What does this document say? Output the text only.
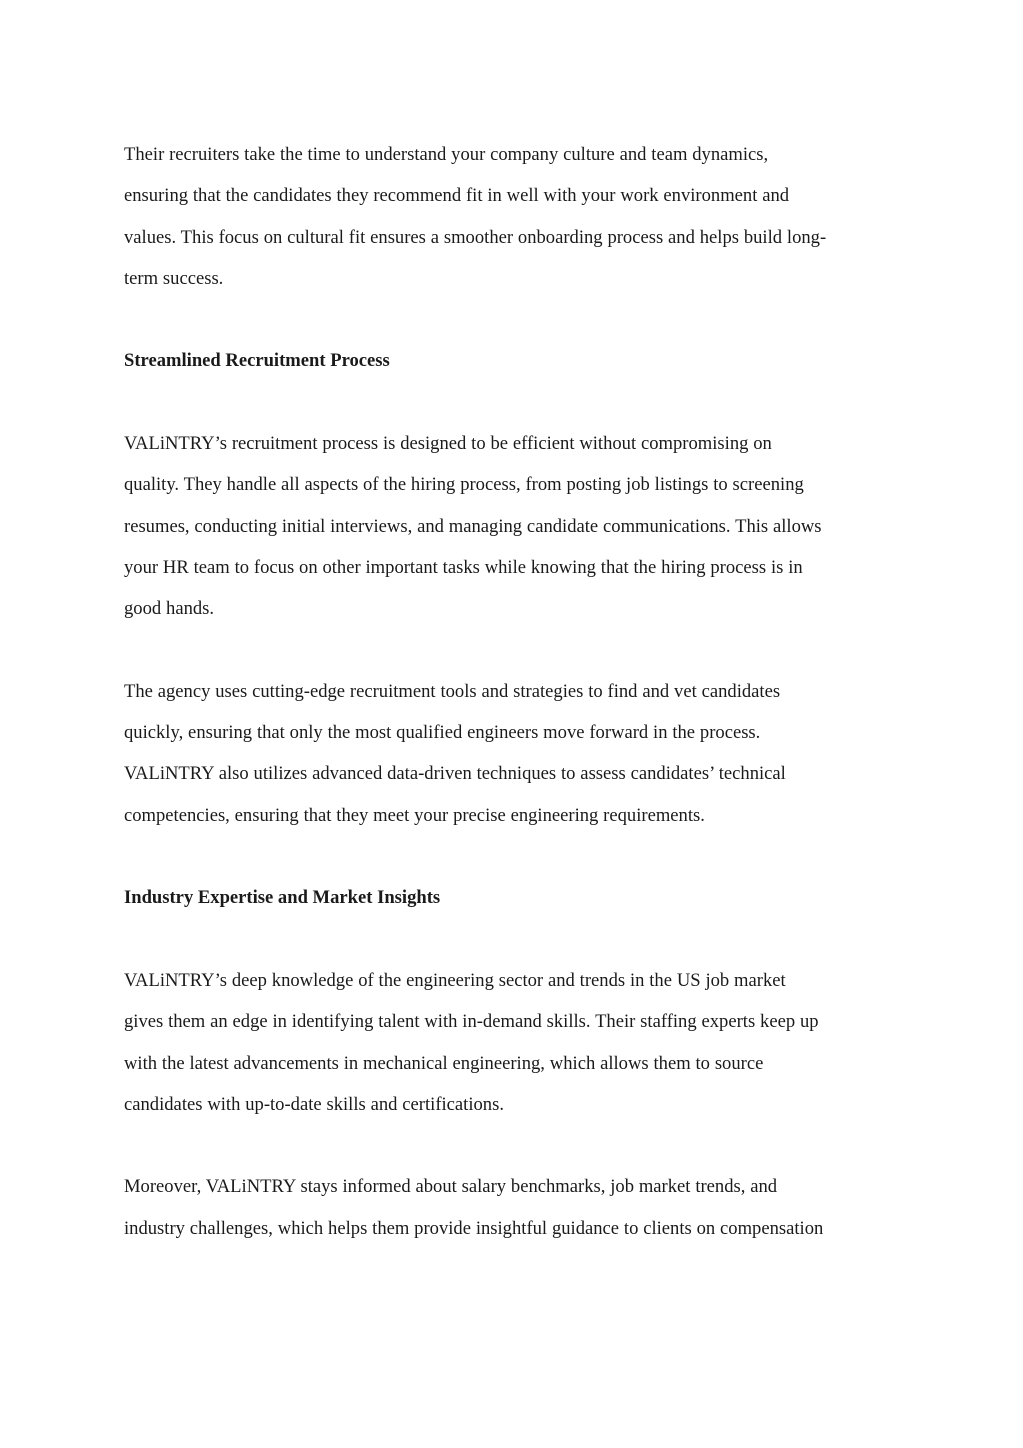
Their recruiters take the time to understand your company culture and team dynamics,
ensuring that the candidates they recommend fit in well with your work environment and
values. This focus on cultural fit ensures a smoother onboarding process and helps build long-
term success.

Streamlined Recruitment Process

VALiNTRY’s recruitment process is designed to be efficient without compromising on
quality. They handle all aspects of the hiring process, from posting job listings to screening
resumes, conducting initial interviews, and managing candidate communications. This allows
your HR team to focus on other important tasks while knowing that the hiring process is in
good hands.

The agency uses cutting-edge recruitment tools and strategies to find and vet candidates
quickly, ensuring that only the most qualified engineers move forward in the process.
VALiNTRY also utilizes advanced data-driven techniques to assess candidates’ technical
competencies, ensuring that they meet your precise engineering requirements.

Industry Expertise and Market Insights

VALiNTRY’s deep knowledge of the engineering sector and trends in the US job market
gives them an edge in identifying talent with in-demand skills. Their staffing experts keep up
with the latest advancements in mechanical engineering, which allows them to source
candidates with up-to-date skills and certifications.

Moreover, VALiNTRY stays informed about salary benchmarks, job market trends, and
industry challenges, which helps them provide insightful guidance to clients on compensation
